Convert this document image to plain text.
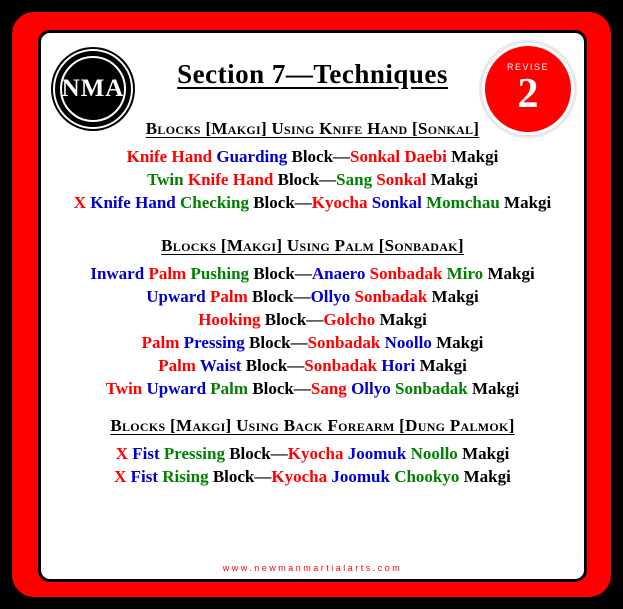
NMA
REVISE
2
Section 7—Techniques
Blocks [Makgi] Using Knife Hand [Sonkal]
Knife Hand Guarding Block—Sonkal Daebi Makgi
Twin Knife Hand Block—Sang Sonkal Makgi
X Knife Hand Checking Block—Kyocha Sonkal Momchau Makgi
Blocks [Makgi] Using Palm [Sonbadak]
Inward Palm Pushing Block—Anaero Sonbadak Miro Makgi
Upward Palm Block—Ollyo Sonbadak Makgi
Hooking Block—Golcho Makgi
Palm Pressing Block—Sonbadak Noollo Makgi
Palm Waist Block—Sonbadak Hori Makgi
Twin Upward Palm Block—Sang Ollyo Sonbadak Makgi
Blocks [Makgi] Using Back Forearm [Dung Palmok]
X Fist Pressing Block—Kyocha Joomuk Noollo Makgi
X Fist Rising Block—Kyocha Joomuk Chookyo Makgi
www.newmanmartialarts.com
